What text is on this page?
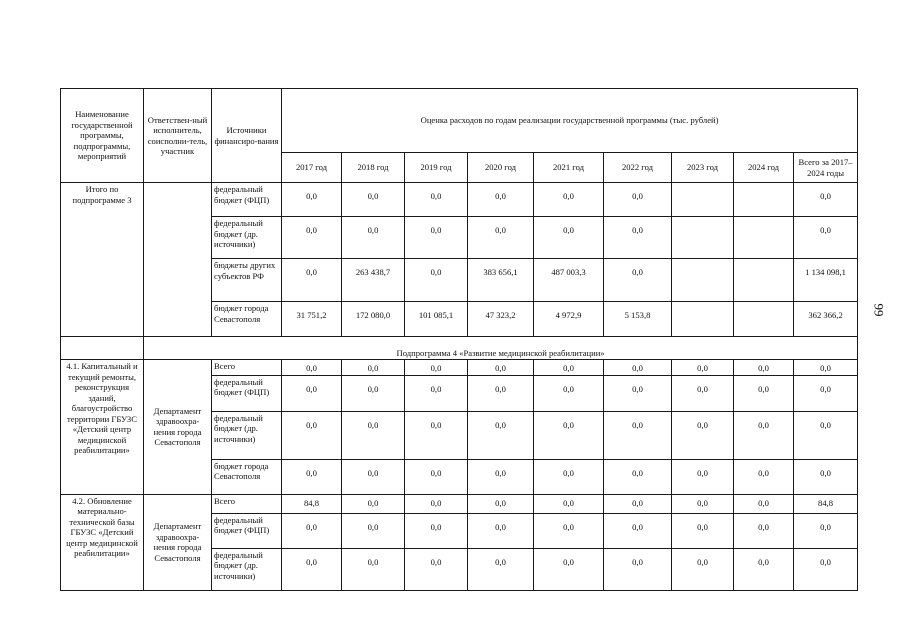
Наименование государственной программы, подпрограммы, мероприятий	Ответствен-ный исполнитель, соисполни-тель, участник	Источники финансиро-вания	Оценка расходов по годам реализации государственной программы (тыс. рублей)								
			2017 год	2018 год	2019 год	2020 год	2021 год	2022 год	2023 год	2024 год	Всего за 2017–2024 годы
Итого по подпрограмме 3		федеральный бюджет (ФЦП)	0,0	0,0	0,0	0,0	0,0	0,0			0,0
		федеральный бюджет (др. источники)	0,0	0,0	0,0	0,0	0,0	0,0			0,0
		бюджеты других субъектов РФ	0,0	263 438,7	0,0	383 656,1	487 003,3	0,0			1 134 098,1
		бюджет города Севастополя	31 751,2	172 080,0	101 085,1	47 323,2	4 972,9	5 153,8			362 366,2
	Подпрограмма 4 «Развитие медицинской реабилитации»										
4.1. Капитальный и текущий ремонты, реконструкция зданий, благоустройство территории ГБУЗС «Детский центр медицинской реабилитации»	Департамент здравоохра-нения города Севастополя	Всего	0,0	0,0	0,0	0,0	0,0	0,0	0,0	0,0	0,0
		федеральный бюджет (ФЦП)	0,0	0,0	0,0	0,0	0,0	0,0	0,0	0,0	0,0
		федеральный бюджет (др. источники)	0,0	0,0	0,0	0,0	0,0	0,0	0,0	0,0	0,0
		бюджет города Севастополя	0,0	0,0	0,0	0,0	0,0	0,0	0,0	0,0	0,0
4.2. Обновление материально-технической базы ГБУЗС «Детский центр медицинской реабилитации»	Департамент здравоохра-нения города Севастополя	Всего	84,8	0,0	0,0	0,0	0,0	0,0	0,0	0,0	84,8
		федеральный бюджет (ФЦП)	0,0	0,0	0,0	0,0	0,0	0,0	0,0	0,0	0,0
		федеральный бюджет (др. источники)	0,0	0,0	0,0	0,0	0,0	0,0	0,0	0,0	0,0
99
